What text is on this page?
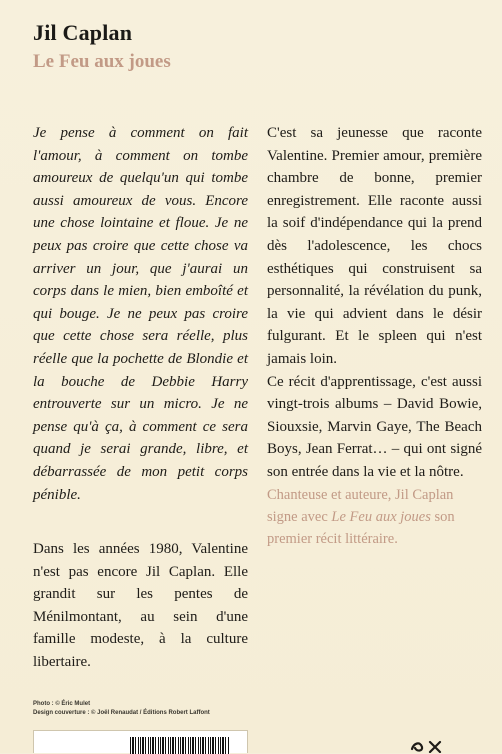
Jil Caplan
Le Feu aux joues

Je pense à comment on fait l'amour, à comment on tombe amoureux de quelqu'un qui tombe aussi amoureux de vous. Encore une chose lointaine et floue. Je ne peux pas croire que cette chose va arriver un jour, que j'aurai un corps dans le mien, bien emboîté et qui bouge. Je ne peux pas croire que cette chose sera réelle, plus réelle que la pochette de Blondie et la bouche de Debbie Harry entrouverte sur un micro. Je ne pense qu'à ça, à comment ce sera quand je serai grande, libre, et débarrassée de mon petit corps pénible.

Dans les années 1980, Valentine n'est pas encore Jil Caplan. Elle grandit sur les pentes de Ménilmontant, au sein d'une famille modeste, à la culture libertaire.

C'est sa jeunesse que raconte Valentine. Premier amour, première chambre de bonne, premier enregistrement. Elle raconte aussi la soif d'indépendance qui la prend dès l'adolescence, les chocs esthétiques qui construisent sa personnalité, la révélation du punk, la vie qui advient dans le désir fulgurant. Et le spleen qui n'est jamais loin.

Ce récit d'apprentissage, c'est aussi vingt-trois albums – David Bowie, Siouxsie, Marvin Gaye, The Beach Boys, Jean Ferrat… – qui ont signé son entrée dans la vie et la nôtre.

Chanteuse et auteure, Jil Caplan signe avec Le Feu aux joues son premier récit littéraire.

Photo : © Éric Mulet
Design couverture : © Joël Renaudat / Éditions Robert Laffont
